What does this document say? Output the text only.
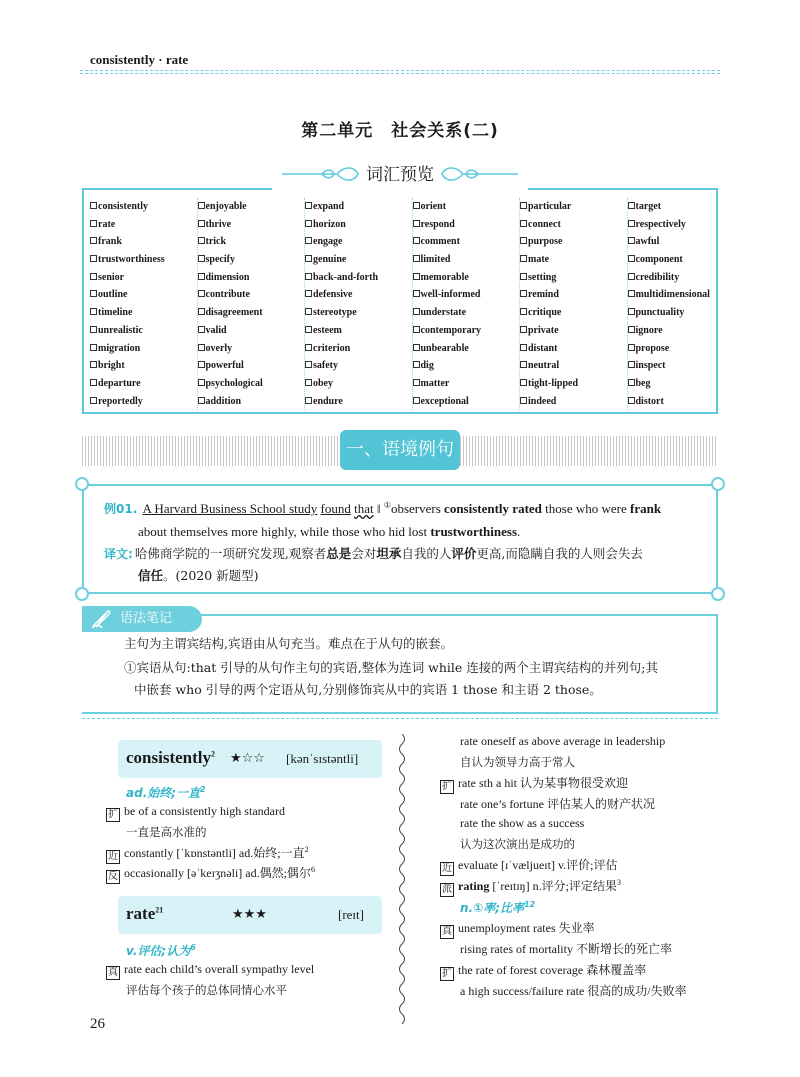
consistently · rate
第二单元　社会关系(二)
词汇预览
consistently
rate
frank
trustworthiness
senior
outline
timeline
unrealistic
migration
bright
departure
reportedly
enjoyable
thrive
trick
specify
dimension
contribute
disagreement
valid
overly
powerful
psychological
addition
expand
horizon
engage
genuine
back-and-forth
defensive
stereotype
esteem
criterion
safety
obey
endure
orient
respond
comment
limited
memorable
well-informed
understate
contemporary
unbearable
dig
matter
exceptional
particular
connect
purpose
mate
setting
remind
critique
private
distant
neutral
tight-lipped
indeed
target
respectively
awful
component
credibility
multidimensional
punctuality
ignore
propose
inspect
beg
distort
一、语境例句
例01. A Harvard Business School study found that ‖ ①observers consistently rated those who were frank
about themselves more highly, while those who hid lost trustworthiness.
译文: 哈佛商学院的一项研究发现,观察者总是会对坦承自我的人评价更高,而隐瞒自我的人则会失去
信任。(2020 新题型)
主句为主谓宾结构,宾语由从句充当。难点在于从句的嵌套。
①宾语从句:that 引导的从句作主句的宾语,整体为连词 while 连接的两个主谓宾结构的并列句;其
中嵌套 who 引导的两个定语从句,分别修饰宾从中的宾语 1 those 和主语 2 those。
语法笔记
consistently$^2$ ★☆☆ [kənˈsɪstəntli]
ad.始终;一直$^2$
扩 be of a consistently high standard
一直是高水准的
近 constantly [ˈkɒnstəntli] ad.始终;一直$^2$
反 occasionally [əˈkeɪʒnəli] ad.偶然;偶尔$^6$
rate$^{21}$	★★★	[reɪt]
v.评估;认为$^6$
真 rate each child’s overall sympathy level
评估每个孩子的总体同情心水平
rate oneself as above average in leadership
自认为领导力高于常人
扩 rate sth a hit 认为某事物很受欢迎
rate one’s fortune 评估某人的财产状况
rate the show as a success
认为这次演出是成功的
近 evaluate [ɪˈvæljueɪt] v.评价;评估
派 rating [ˈreɪtɪŋ] n.评分;评定结果$^3$
n.①率;比率$^{12}$
真 unemployment rates 失业率
rising rates of mortality 不断增长的死亡率
扩 the rate of forest coverage 森林覆盖率
a high success/failure rate 很高的成功/失败率
26
